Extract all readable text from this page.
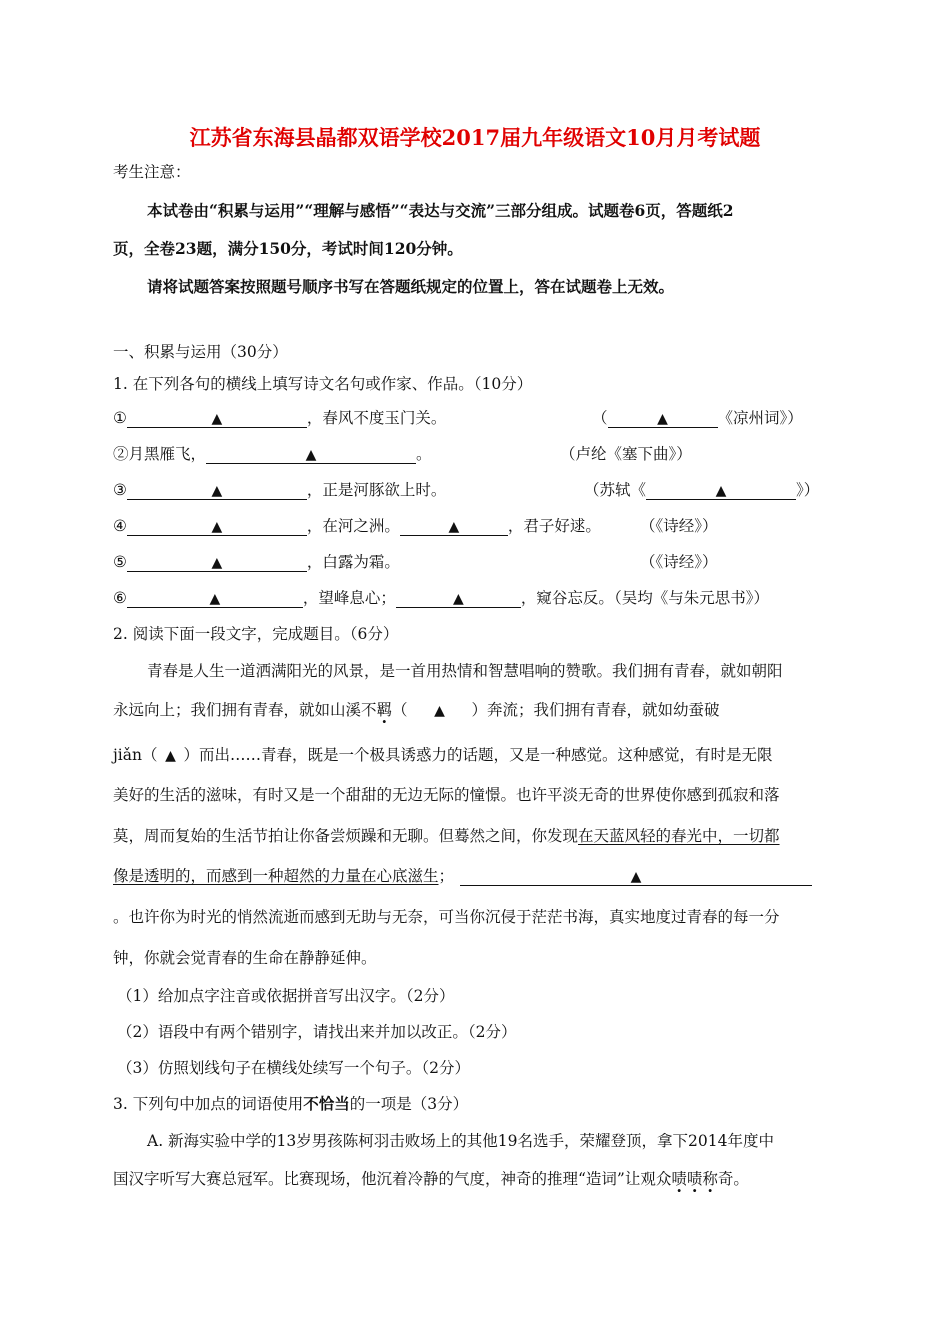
江苏省东海县晶都双语学校2017届九年级语文10月月考试题
考生注意：
本试卷由“积累与运用”“理解与感悟”“表达与交流”三部分组成。试题卷6页，答题纸2
页，全卷23题，满分150分，考试时间120分钟。
请将试题答案按照题号顺序书写在答题纸规定的位置上，答在试题卷上无效。
一、积累与运用（30分）
1. 在下列各句的横线上填写诗文名句或作家、作品。（10分）
①	▲	，春风不度玉门关。	（	▲	《凉州词》）
②月黑雁飞，	▲	。	（卢纶《塞下曲》）
③	▲	，正是河豚欲上时。	（苏轼《	▲	》）
④	▲	，在河之洲。	▲	，君子好逑。	（《诗经》）
⑤	▲	，白露为霜。	（《诗经》）
⑥	▲	，望峰息心；	▲	，窥谷忘反。（吴均《与朱元思书》）
2. 阅读下面一段文字，完成题目。（6分）
青春是人生一道洒满阳光的风景，是一首用热情和智慧唱响的赞歌。我们拥有青春，就如朝阳
永远向上；我们拥有青春，就如山溪不羁（ ▲ ）奔流；我们拥有青春，就如幼蚕破
jiǎn（ ▲ ）而出……青春，既是一个极具诱惑力的话题，又是一种感觉。这种感觉，有时是无限
美好的生活的滋味，有时又是一个甜甜的无边无际的憧憬。也许平淡无奇的世界使你感到孤寂和落
莫，周而复始的生活节拍让你备尝烦躁和无聊。但蓦然之间，你发现在天蓝风轻的春光中，一切都
像是透明的，而感到一种超然的力量在心底滋生；	▲
。也许你为时光的悄然流逝而感到无助与无奈，可当你沉侵于茫茫书海，真实地度过青春的每一分
钟，你就会觉青春的生命在静静延伸。
（1）给加点字注音或依据拼音写出汉字。（2分）
（2）语段中有两个错别字，请找出来并加以改正。（2分）
（3）仿照划线句子在横线处续写一个句子。（2分）
3. 下列句中加点的词语使用不恰当的一项是（3分）
A. 新海实验中学的13岁男孩陈柯羽击败场上的其他19名选手，荣耀登顶，拿下2014年度中
国汉字听写大赛总冠军。比赛现场，他沉着冷静的气度，神奇的推理“造词”让观众啧啧称奇。
